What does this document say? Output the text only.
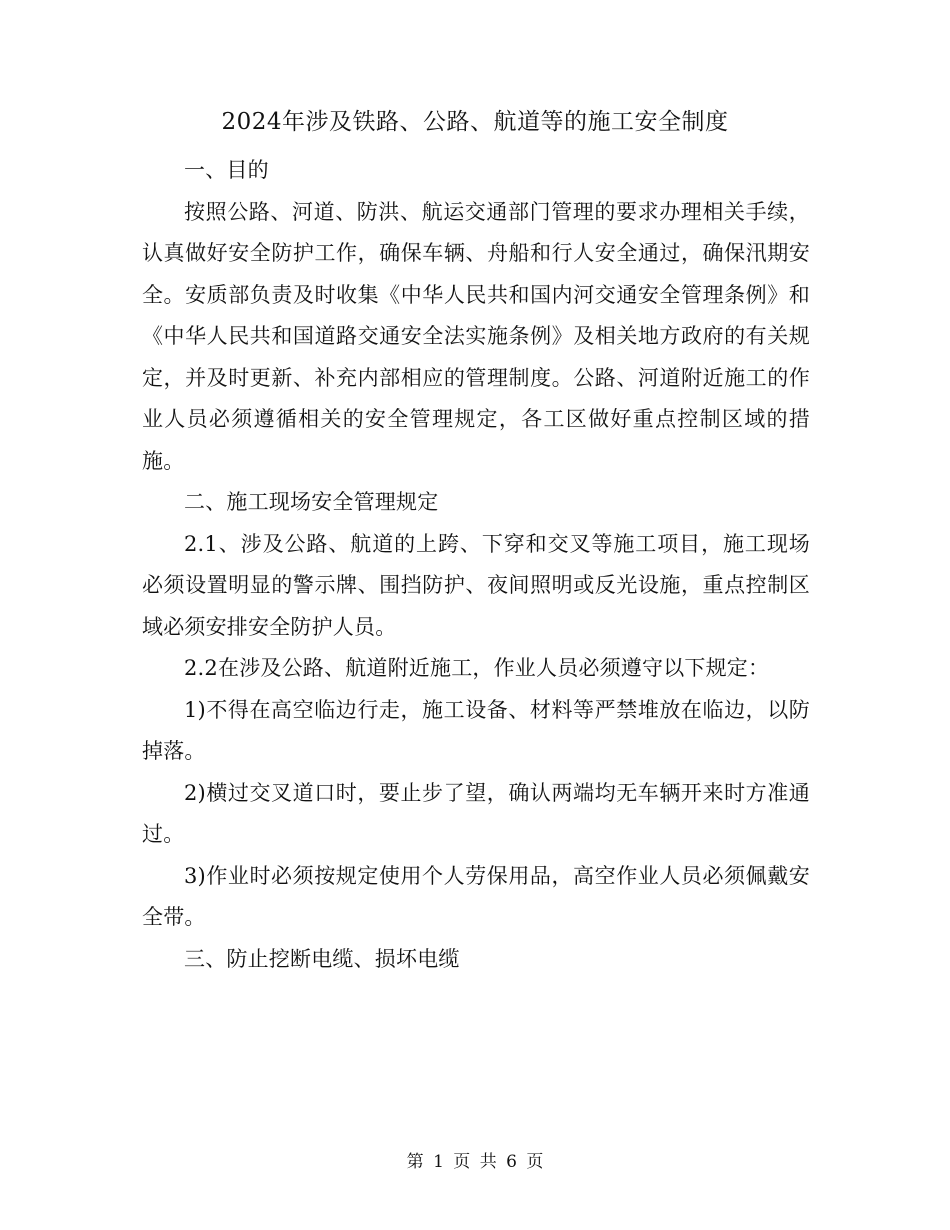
2024年涉及铁路、公路、航道等的施工安全制度

一、目的

按照公路、河道、防洪、航运交通部门管理的要求办理相关手续，认真做好安全防护工作，确保车辆、舟船和行人安全通过，确保汛期安全。安质部负责及时收集《中华人民共和国内河交通安全管理条例》和《中华人民共和国道路交通安全法实施条例》及相关地方政府的有关规定，并及时更新、补充内部相应的管理制度。公路、河道附近施工的作业人员必须遵循相关的安全管理规定，各工区做好重点控制区域的措施。

二、施工现场安全管理规定

2.1、涉及公路、航道的上跨、下穿和交叉等施工项目，施工现场必须设置明显的警示牌、围挡防护、夜间照明或反光设施，重点控制区域必须安排安全防护人员。

2.2在涉及公路、航道附近施工，作业人员必须遵守以下规定：

1)不得在高空临边行走，施工设备、材料等严禁堆放在临边，以防掉落。

2)横过交叉道口时，要止步了望，确认两端均无车辆开来时方准通过。

3)作业时必须按规定使用个人劳保用品，高空作业人员必须佩戴安全带。

三、防止挖断电缆、损坏电缆

第 1 页 共 6 页
